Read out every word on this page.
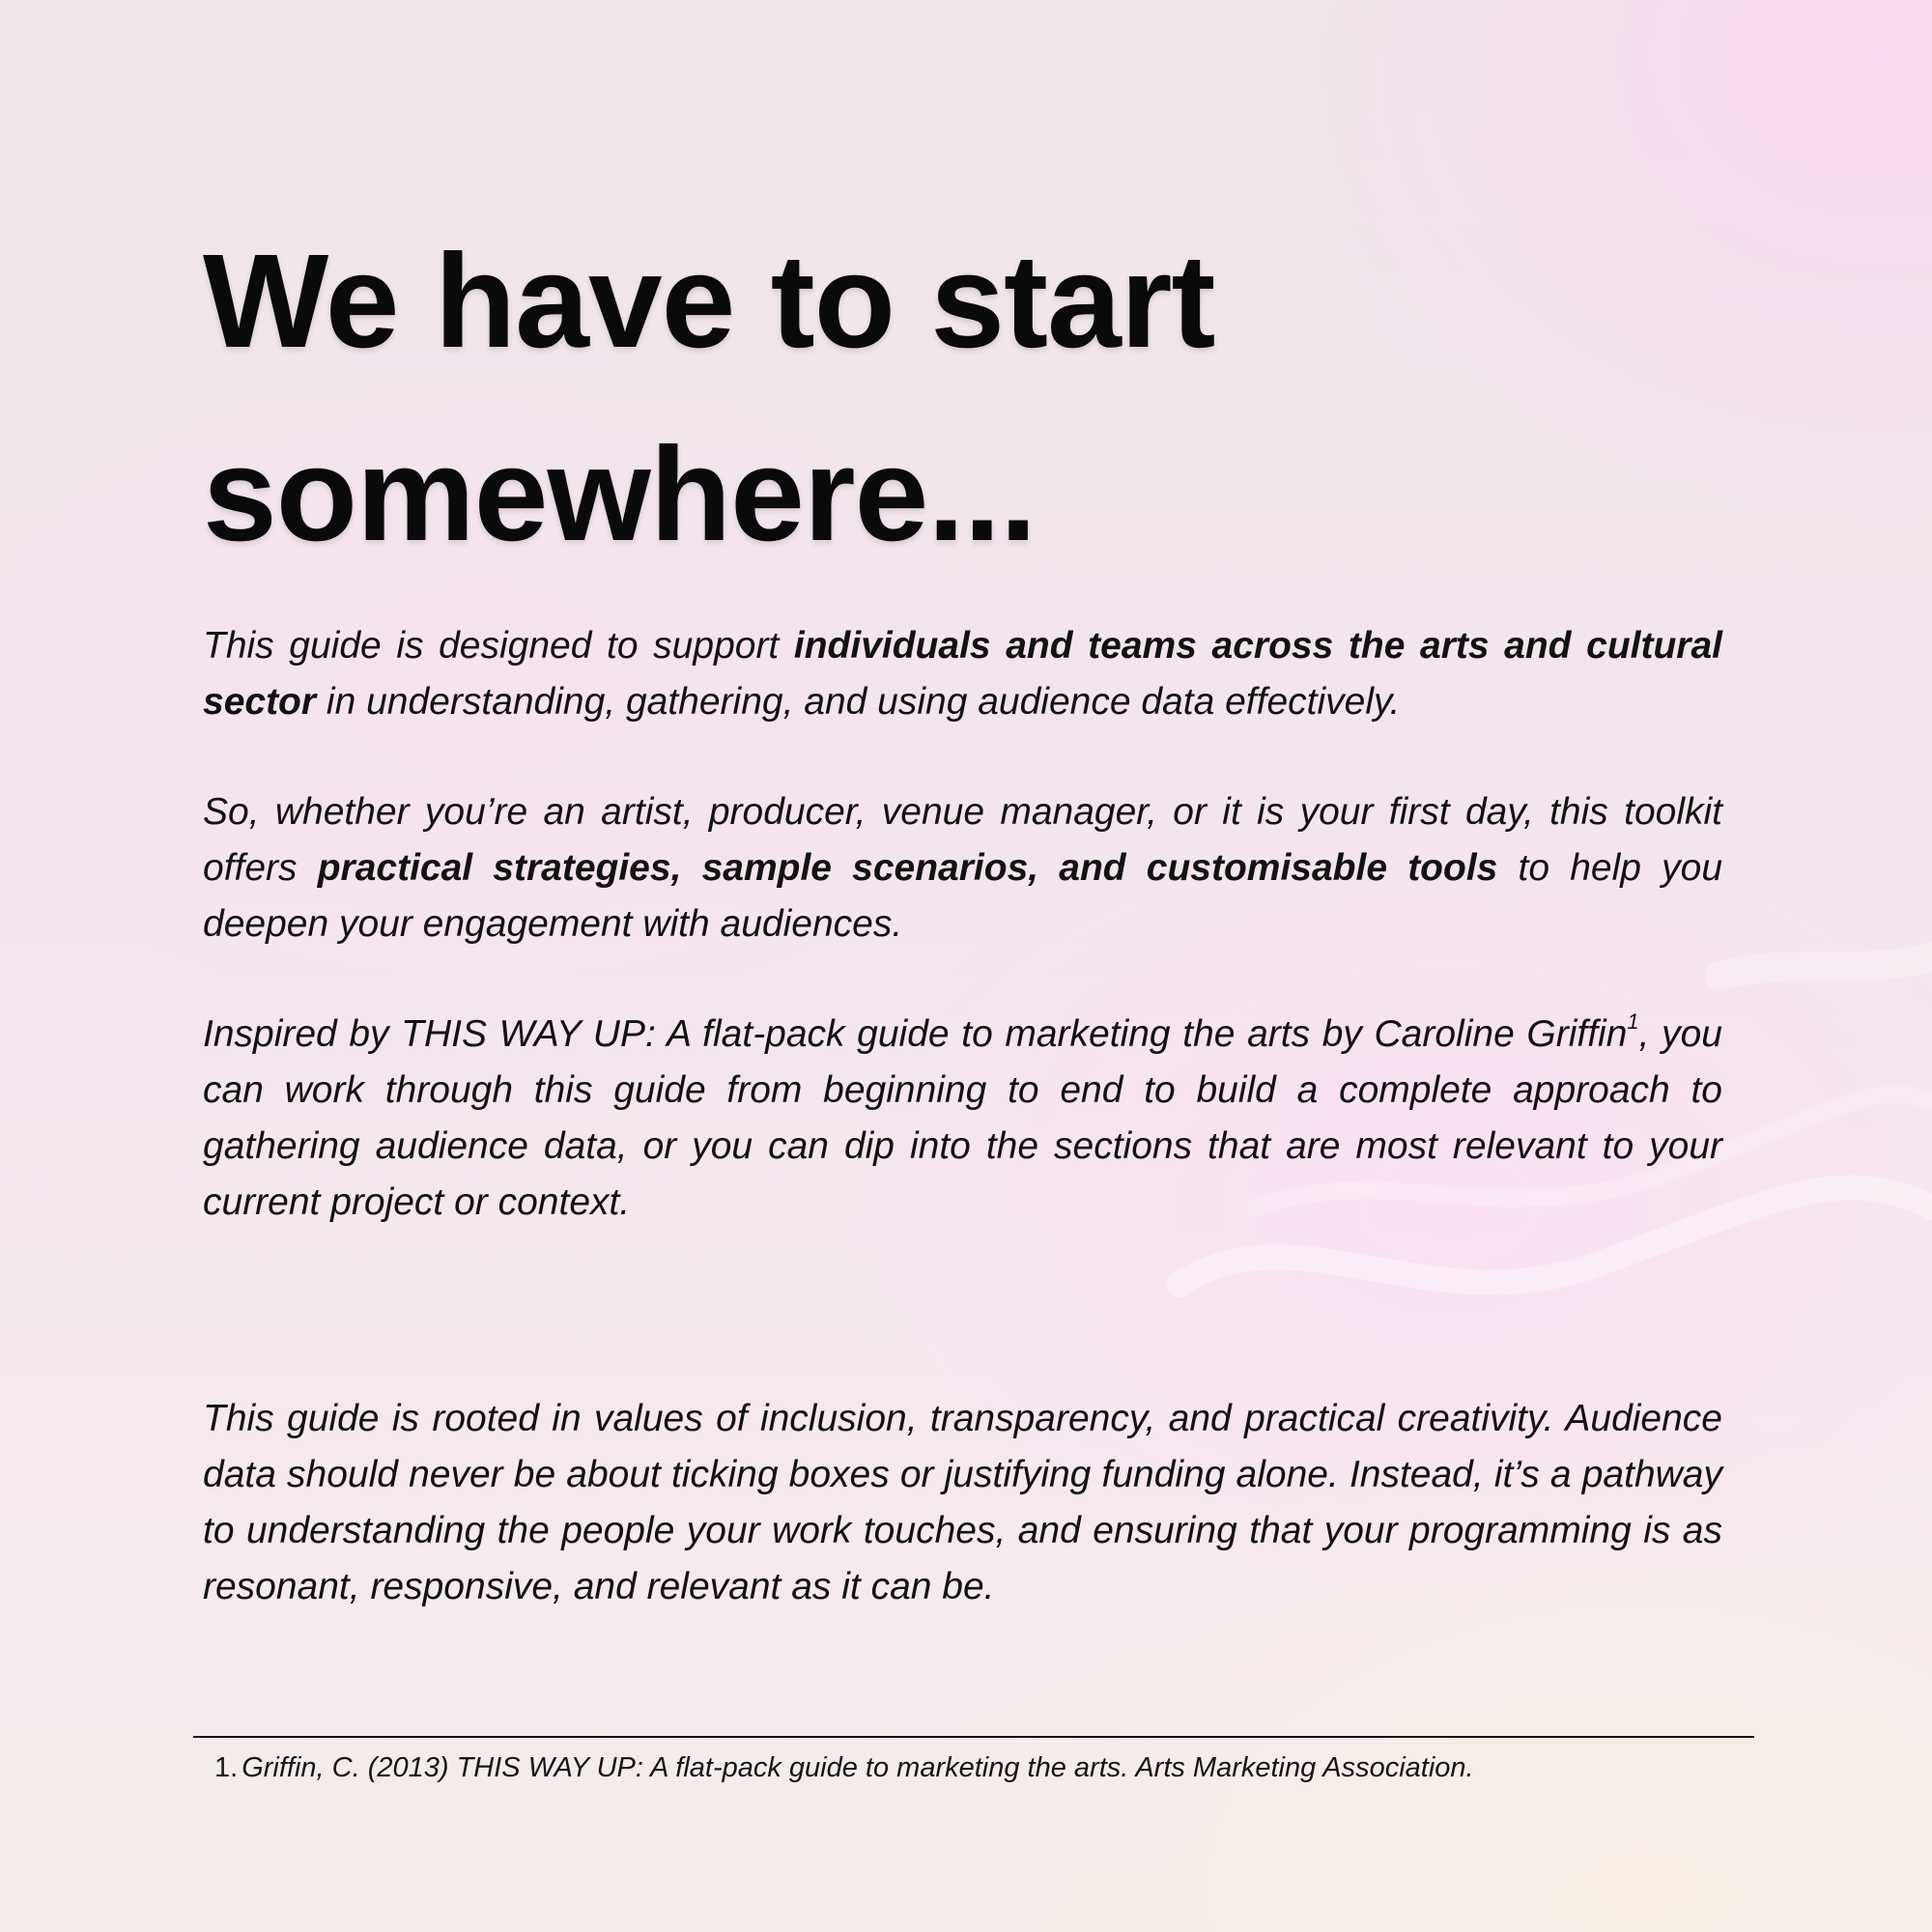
We have to start
somewhere...

This guide is designed to support individuals and teams across the arts and cultural sector in understanding, gathering, and using audience data effectively.

So, whether you’re an artist, producer, venue manager, or it is your first day, this toolkit offers practical strategies, sample scenarios, and customisable tools to help you deepen your engagement with audiences.

Inspired by THIS WAY UP: A flat-pack guide to marketing the arts by Caroline Griffin$^1$, you can work through this guide from beginning to end to build a complete approach to gathering audience data, or you can dip into the sections that are most relevant to your current project or context.

This guide is rooted in values of inclusion, transparency, and practical creativity. Audience data should never be about ticking boxes or justifying funding alone. Instead, it’s a pathway to understanding the people your work touches, and ensuring that your programming is as resonant, responsive, and relevant as it can be.

1. Griffin, C. (2013) THIS WAY UP: A flat-pack guide to marketing the arts. Arts Marketing Association.
